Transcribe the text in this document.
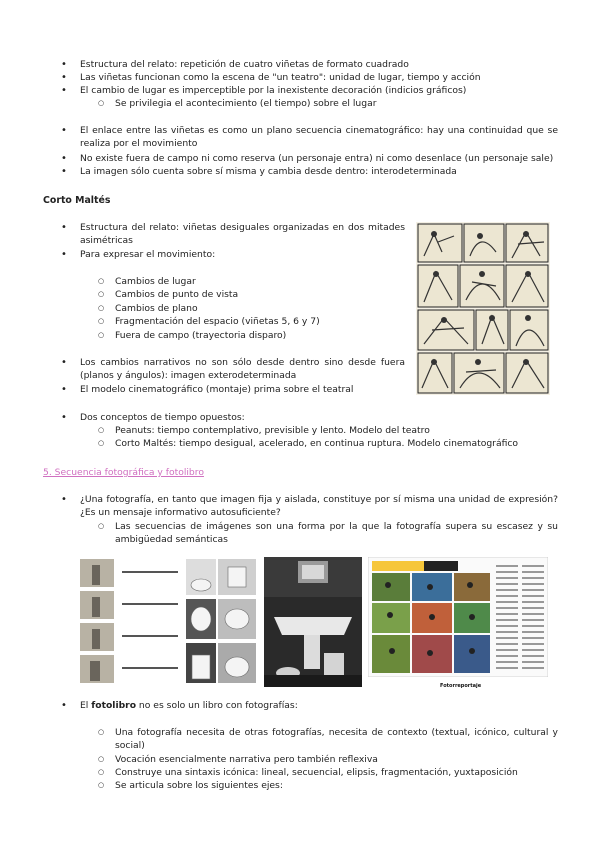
• Estructura del relato: repetición de cuatro viñetas de formato cuadrado
• Las viñetas funcionan como la escena de "un teatro": unidad de lugar, tiempo y acción
• El cambio de lugar es imperceptible por la inexistente decoración (indicios gráficos)
○ Se privilegia el acontecimiento (el tiempo) sobre el lugar
• El enlace entre las viñetas es como un plano secuencia cinematográfico: hay una continuidad que se realiza por el movimiento
• No existe fuera de campo ni como reserva (un personaje entra) ni como desenlace (un personaje sale)
• La imagen sólo cuenta sobre sí misma y cambia desde dentro: interodeterminada
Corto Maltés
• Estructura del relato: viñetas desiguales organizadas en dos mitades asimétricas
• Para expresar el movimiento:
○ Cambios de lugar
○ Cambios de punto de vista
○ Cambios de plano
○ Fragmentación del espacio (viñetas 5, 6 y 7)
○ Fuera de campo (trayectoria disparo)
• Los cambios narrativos no son sólo desde dentro sino desde fuera (planos y ángulos): imagen exterodeterminada
• El modelo cinematográfico (montaje) prima sobre el teatral
• Dos conceptos de tiempo opuestos:
○ Peanuts: tiempo contemplativo, previsible y lento. Modelo del teatro
○ Corto Maltés: tiempo desigual, acelerado, en continua ruptura. Modelo cinematográfico
5. Secuencia fotográfica y fotolibro
• ¿Una fotografía, en tanto que imagen fija y aislada, constituye por sí misma una unidad de expresión? ¿Es un mensaje informativo autosuficiente?
○ Las secuencias de imágenes son una forma por la que la fotografía supera su escasez y su ambigüedad semánticas
Fotorreportaje
• El fotolibro no es solo un libro con fotografías:
○ Una fotografía necesita de otras fotografías, necesita de contexto (textual, icónico, cultural y social)
○ Vocación esencialmente narrativa pero también reflexiva
○ Construye una sintaxis icónica: lineal, secuencial, elipsis, fragmentación, yuxtaposición
○ Se articula sobre los siguientes ejes:
